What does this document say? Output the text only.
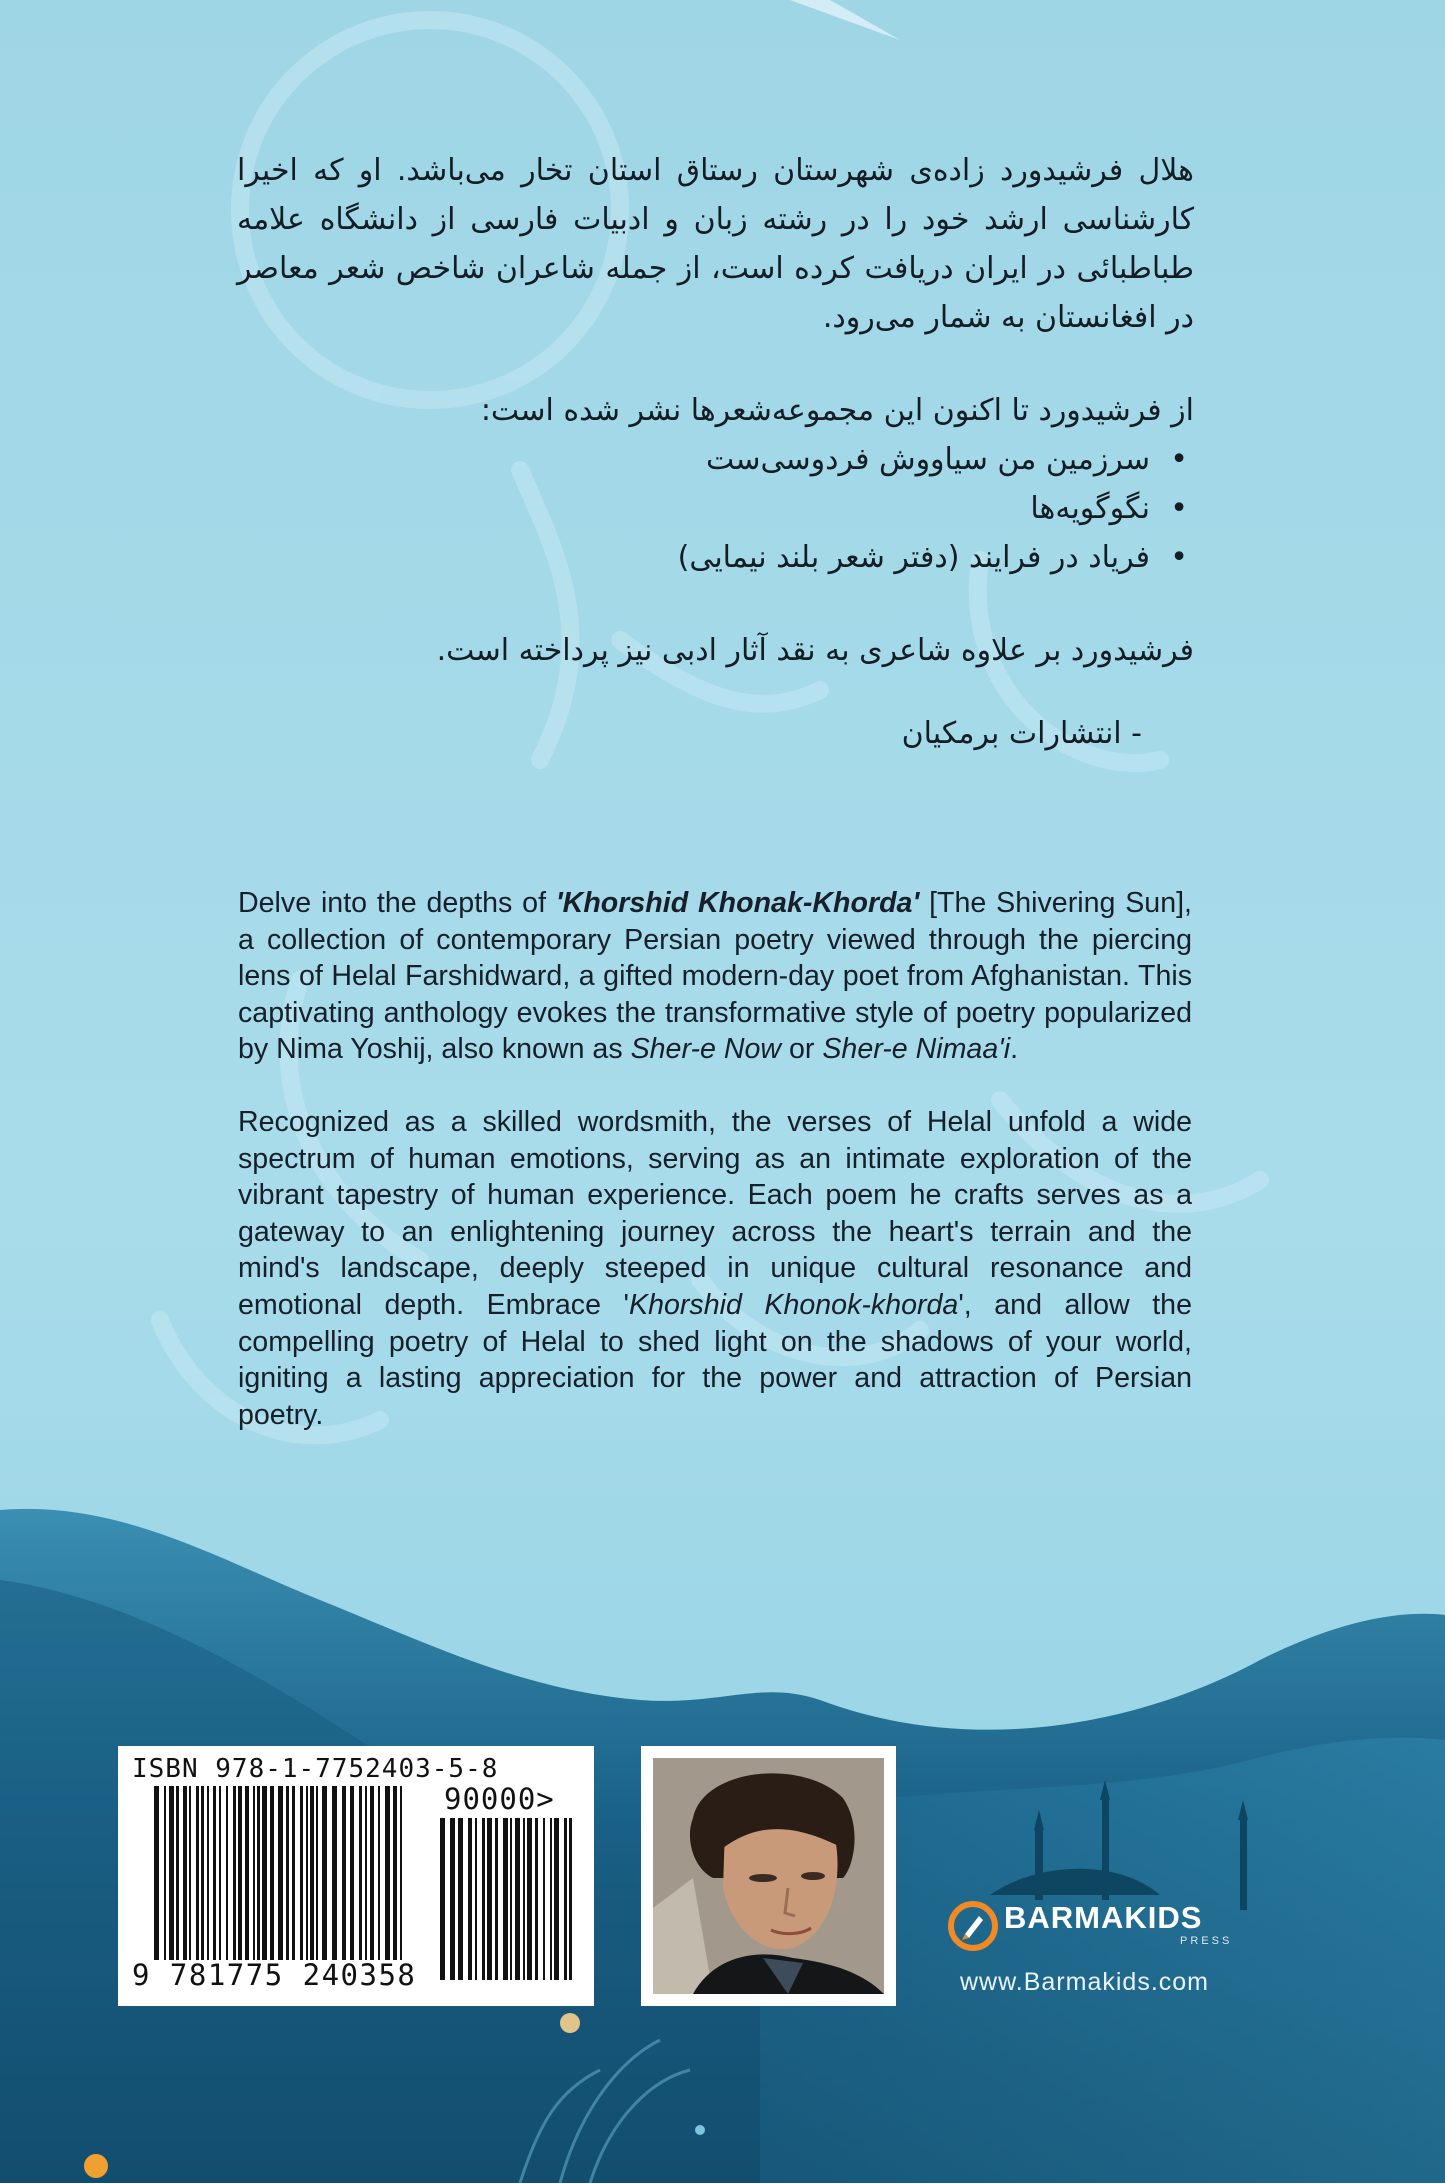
هلال فرشیدورد زاده‌ی شهرستان رستاق استان تخار می‌باشد. او که اخیرا کارشناسی ارشد خود را در رشته زبان و ادبیات فارسی از دانشگاه علامه طباطبائی در ایران دریافت کرده است، از جمله شاعران شاخص شعر معاصر در افغانستان به شمار می‌رود.

از فرشیدورد تا اکنون این مجموعه‌شعرها نشر شده است:

• سرزمین من سیاووش فردوسی‌ست
• نگوگویه‌ها
• فریاد در فرایند (دفتر شعر بلند نیمایی)

فرشیدورد بر علاوه شاعری به نقد آثار ادبی نیز پرداخته است.

- انتشارات برمکیان

Delve into the depths of 'Khorshid Khonak-Khorda' [The Shivering Sun], a collection of contemporary Persian poetry viewed through the piercing lens of Helal Farshidward, a gifted modern-day poet from Afghanistan. This captivating anthology evokes the transformative style of poetry popularized by Nima Yoshij, also known as Sher-e Now or Sher-e Nimaa'i.

Recognized as a skilled wordsmith, the verses of Helal unfold a wide spectrum of human emotions, serving as an intimate exploration of the vibrant tapestry of human experience. Each poem he crafts serves as a gateway to an enlightening journey across the heart's terrain and the mind's landscape, deeply steeped in unique cultural resonance and emotional depth. Embrace 'Khorshid Khonok-khorda', and allow the compelling poetry of Helal to shed light on the shadows of your world, igniting a lasting appreciation for the power and attraction of Persian poetry.

ISBN 978-1-7752403-5-8
90000>
9 781775 240358
BARMAKIDS
PRESS
www.Barmakids.com
